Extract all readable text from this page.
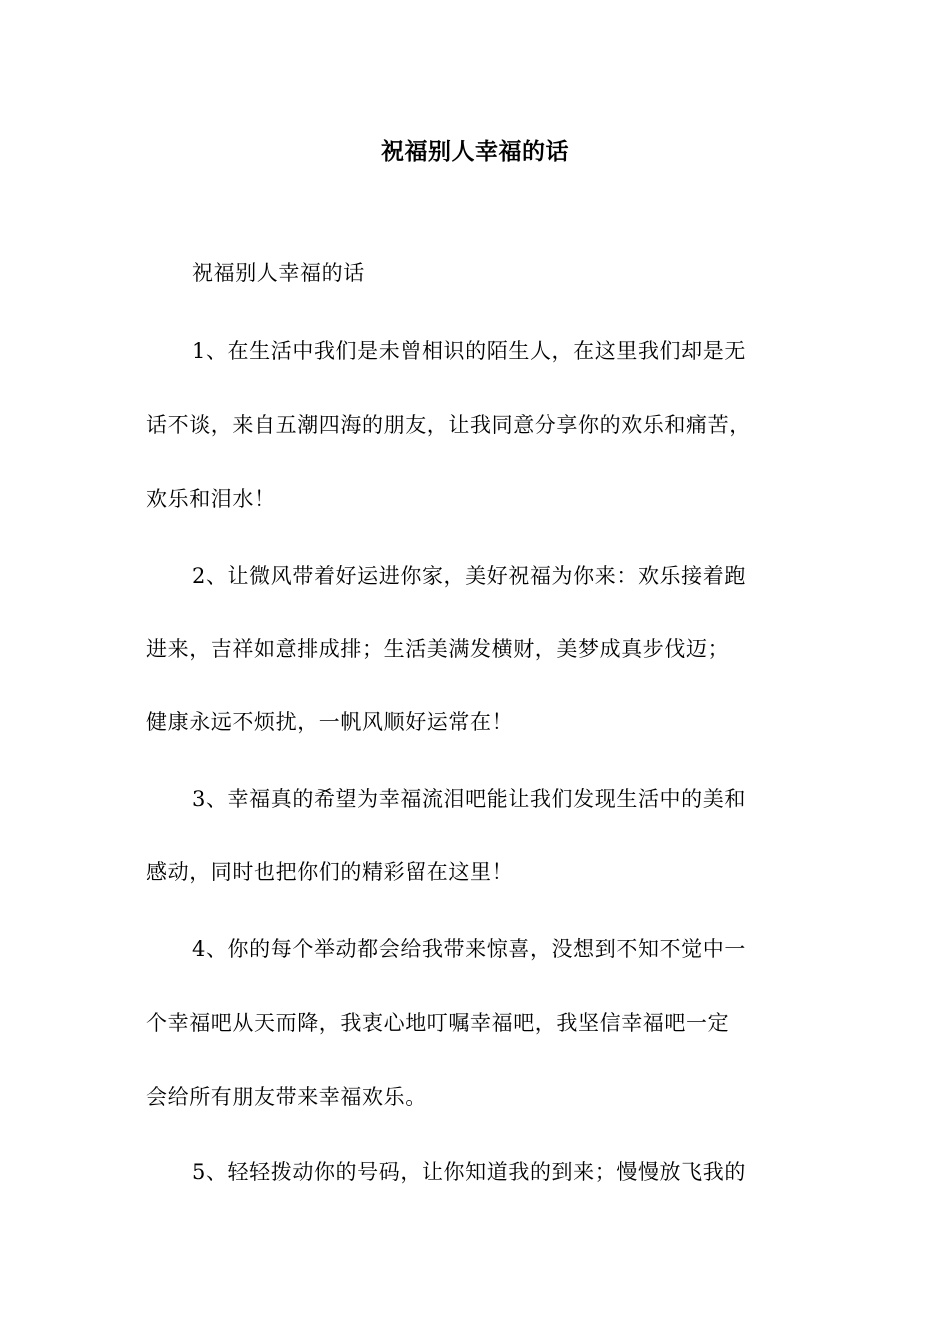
祝福别人幸福的话
祝福别人幸福的话
1、在生活中我们是未曾相识的陌生人，在这里我们却是无
话不谈，来自五潮四海的朋友，让我同意分享你的欢乐和痛苦，
欢乐和泪水！
2、让微风带着好运进你家，美好祝福为你来：欢乐接着跑
进来，吉祥如意排成排；生活美满发横财，美梦成真步伐迈；
健康永远不烦扰，一帆风顺好运常在！
3、幸福真的希望为幸福流泪吧能让我们发现生活中的美和
感动，同时也把你们的精彩留在这里！
4、你的每个举动都会给我带来惊喜，没想到不知不觉中一
个幸福吧从天而降，我衷心地叮嘱幸福吧，我坚信幸福吧一定
会给所有朋友带来幸福欢乐。
5、轻轻拨动你的号码，让你知道我的到来；慢慢放飞我的
